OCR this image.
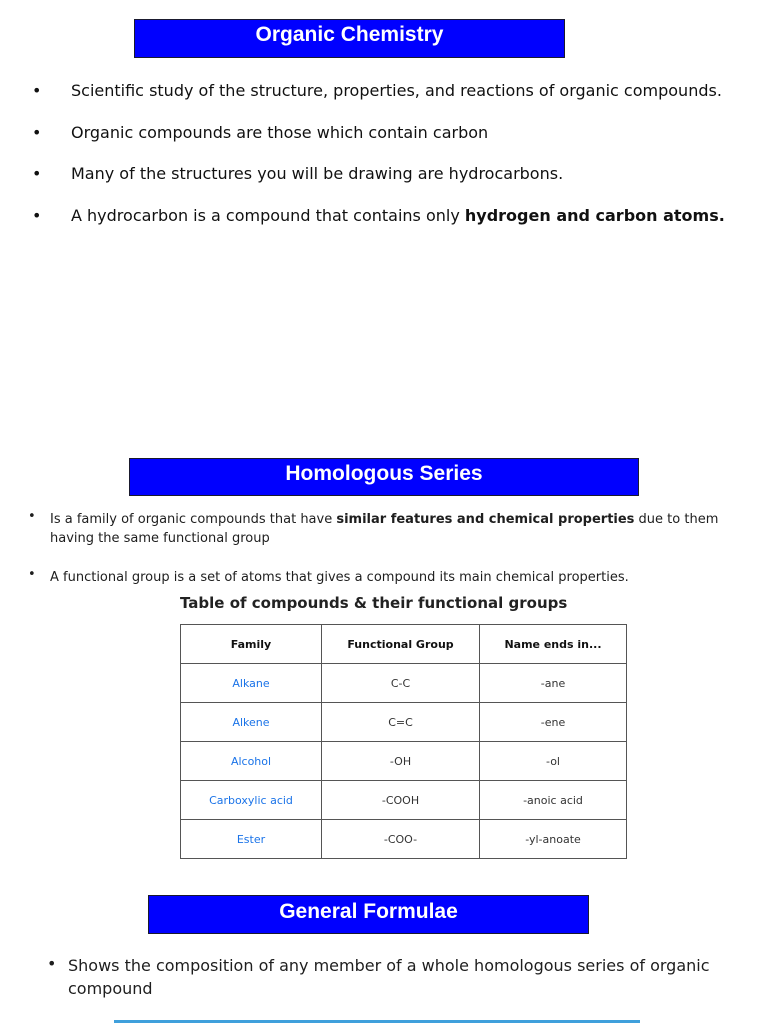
Organic Chemistry
• Scientific study of the structure, properties, and reactions of organic compounds.
• Organic compounds are those which contain carbon
• Many of the structures you will be drawing are hydrocarbons.
• A hydrocarbon is a compound that contains only hydrogen and carbon atoms.
Homologous Series
• Is a family of organic compounds that have similar features and chemical properties due to them having the same functional group
• A functional group is a set of atoms that gives a compound its main chemical properties.
Table of compounds & their functional groups
Family	Functional Group	Name ends in...
Alkane	C-C	-ane
Alkene	C=C	-ene
Alcohol	-OH	-ol
Carboxylic acid	-COOH	-anoic acid
Ester	-COO-	-yl-anoate
General Formulae
• Shows the composition of any member of a whole homologous series of organic compound
